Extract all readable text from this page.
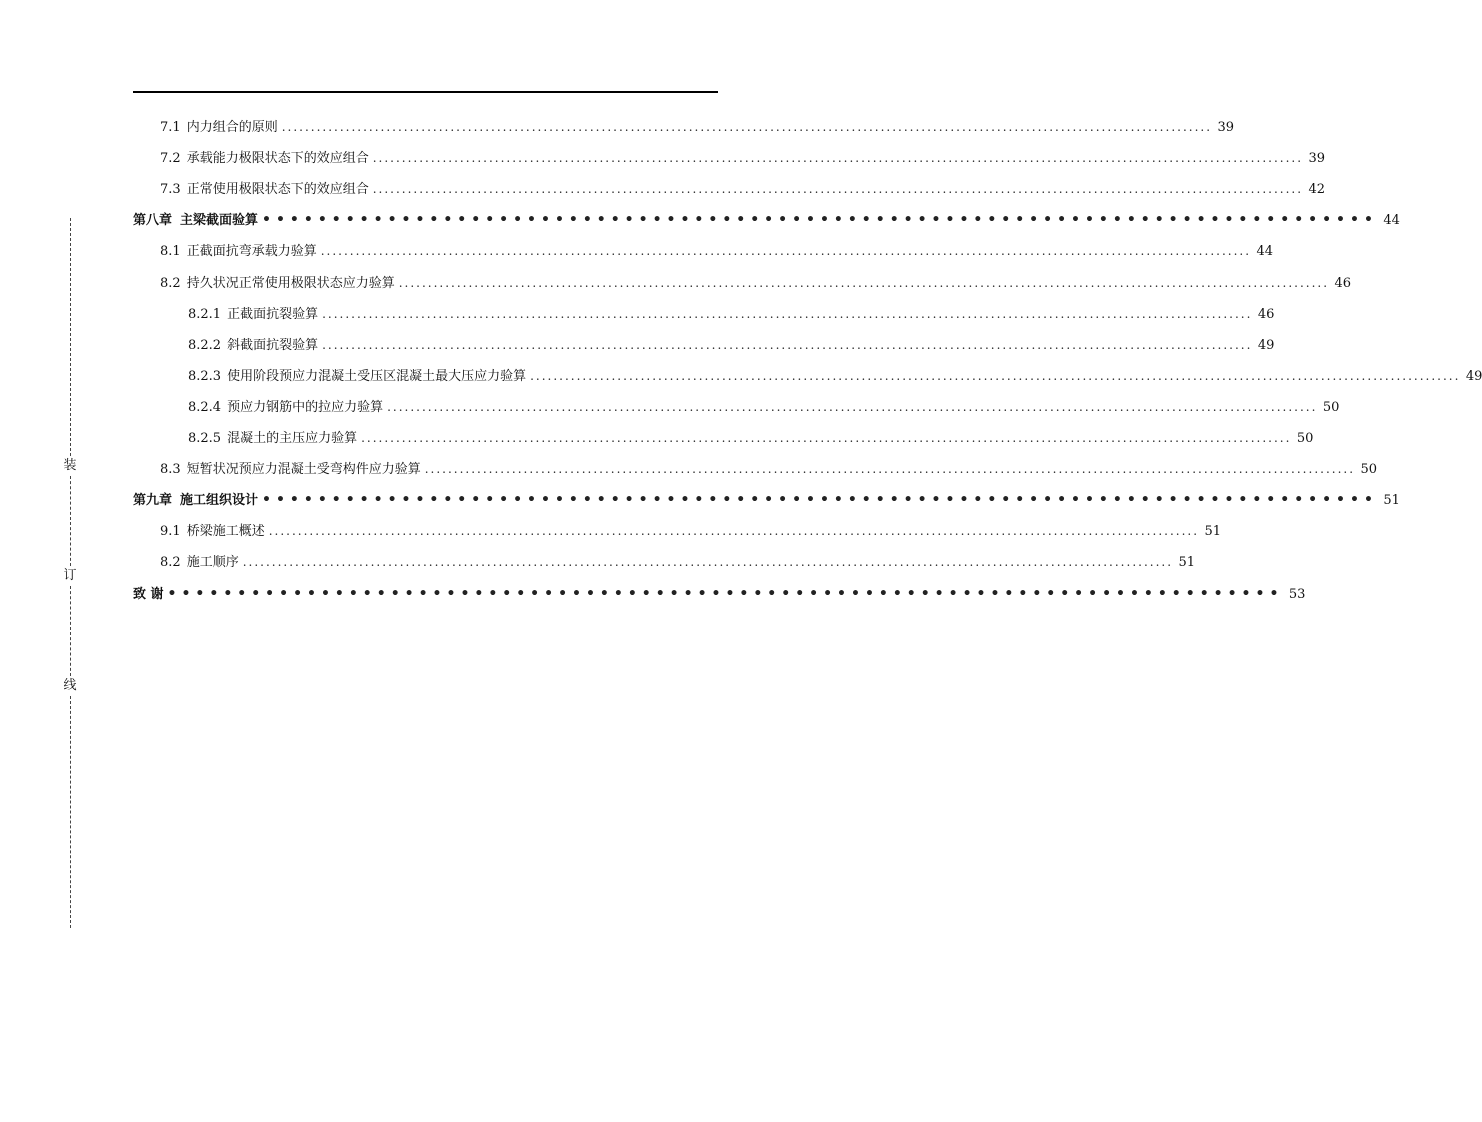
装
订
线
7.1 内力组合的原则 ................................................................................................................................................................ 39
7.2 承载能力极限状态下的效应组合 ................................................................................................................................................................ 39
7.3 正常使用极限状态下的效应组合 ................................................................................................................................................................ 42
第八章 主梁截面验算 •••••••••••••••••••••••••••••••••••••••••••••••••••••••••••••••••••••••••••••••• 44
8.1 正截面抗弯承载力验算 ................................................................................................................................................................ 44
8.2 持久状况正常使用极限状态应力验算 ................................................................................................................................................................ 46
8.2.1 正截面抗裂验算 ................................................................................................................................................................ 46
8.2.2 斜截面抗裂验算 ................................................................................................................................................................ 49
8.2.3 使用阶段预应力混凝土受压区混凝土最大压应力验算 ................................................................................................................................................................ 49
8.2.4 预应力钢筋中的拉应力验算 ................................................................................................................................................................ 50
8.2.5 混凝土的主压应力验算 ................................................................................................................................................................ 50
8.3 短暂状况预应力混凝土受弯构件应力验算 ................................................................................................................................................................ 50
第九章 施工组织设计 •••••••••••••••••••••••••••••••••••••••••••••••••••••••••••••••••••••••••••••••• 51
9.1 桥梁施工概述 ................................................................................................................................................................ 51
8.2 施工顺序 ................................................................................................................................................................ 51
致 谢 •••••••••••••••••••••••••••••••••••••••••••••••••••••••••••••••••••••••••••••••• 53
